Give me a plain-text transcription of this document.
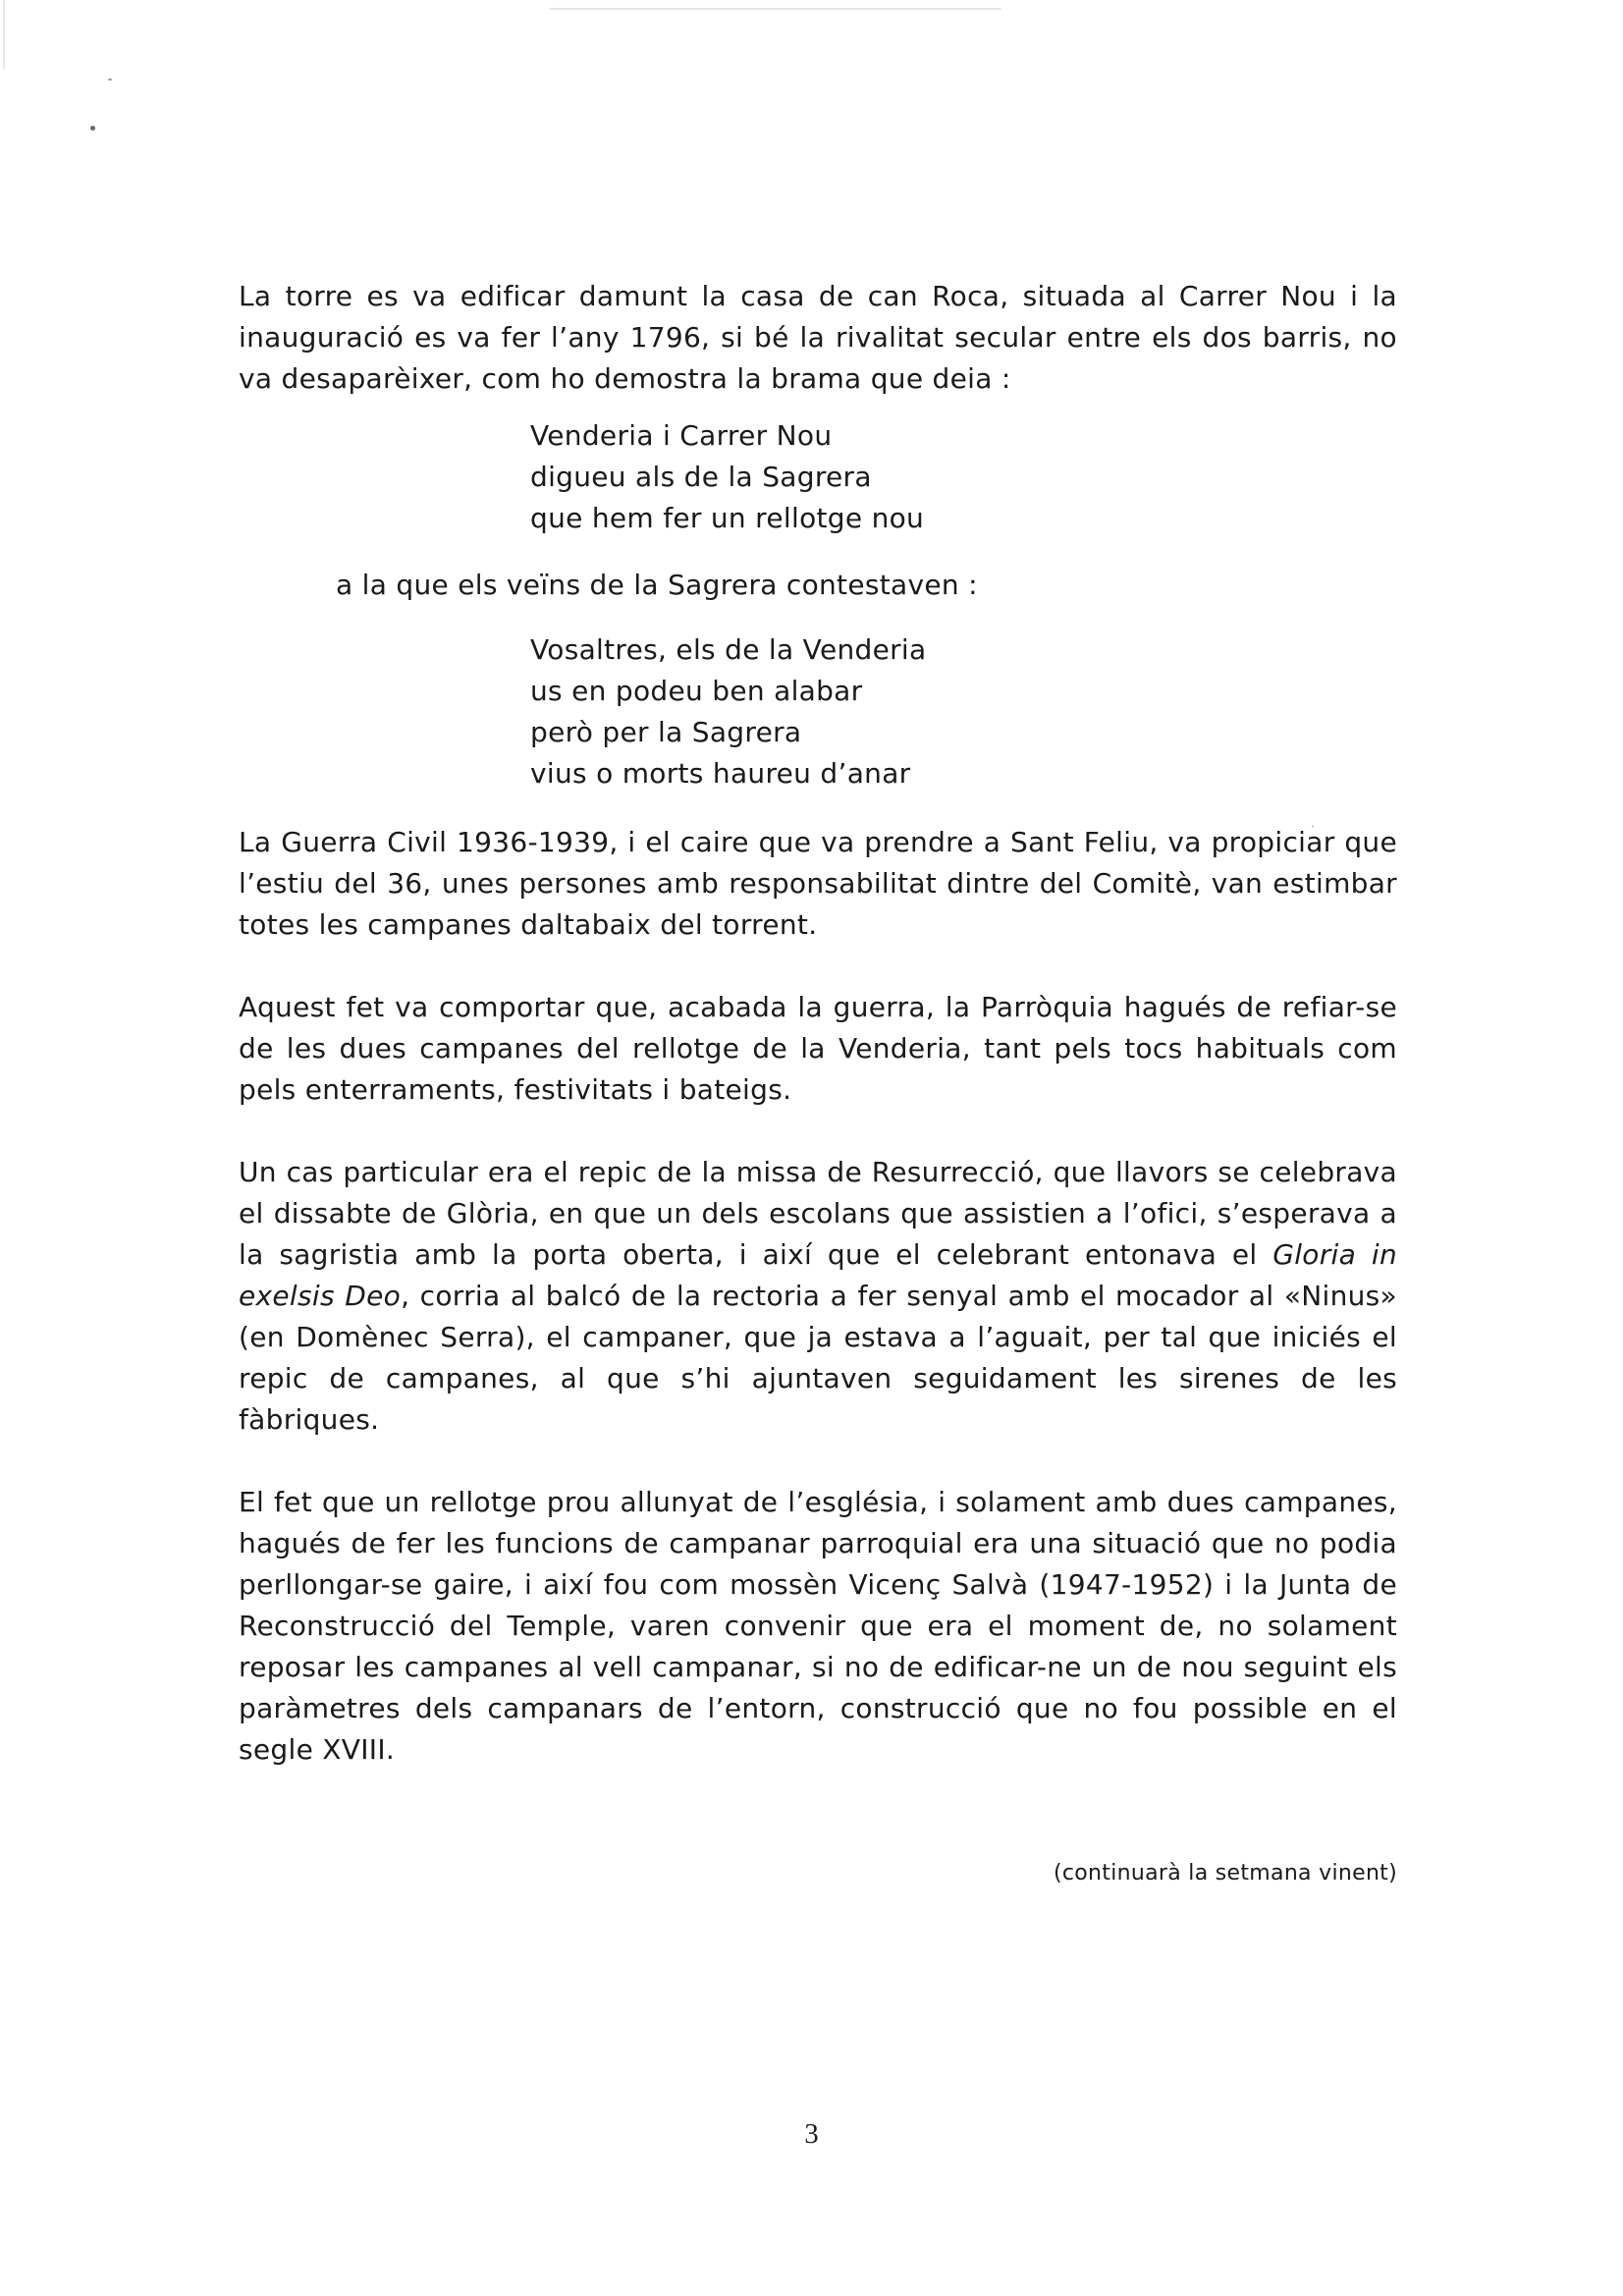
La torre es va edificar damunt la casa de can Roca, situada al Carrer Nou i la inauguració es va fer l’any 1796, si bé la rivalitat secular entre els dos barris, no va desaparèixer, com ho demostra la brama que deia :

Venderia i Carrer Nou
digueu als de la Sagrera
que hem fer un rellotge nou
a la que els veïns de la Sagrera contestaven :
Vosaltres, els de la Venderia
us en podeu ben alabar
però per la Sagrera
vius o morts haureu d’anar

La Guerra Civil 1936-1939, i el caire que va prendre a Sant Feliu, va propiciar que l’estiu del 36, unes persones amb responsabilitat dintre del Comitè, van estimbar totes les campanes daltabaix del torrent.

Aquest fet va comportar que, acabada la guerra, la Parròquia hagués de refiar-se de les dues campanes del rellotge de la Venderia, tant pels tocs habituals com pels enterraments, festivitats i bateigs.

Un cas particular era el repic de la missa de Resurrecció, que llavors se celebrava el dissabte de Glòria, en que un dels escolans que assistien a l’ofici, s’esperava a la sagristia amb la porta oberta, i així que el celebrant entonava el Gloria in exelsis Deo, corria al balcó de la rectoria a fer senyal amb el mocador al «Ninus» (en Domènec Serra), el campaner, que ja estava a l’aguait, per tal que iniciés el repic de campanes, al que s’hi ajuntaven seguidament les sirenes de les fàbriques.

El fet que un rellotge prou allunyat de l’església, i solament amb dues campanes, hagués de fer les funcions de campanar parroquial era una situació que no podia perllongar-se gaire, i així fou com mossèn Vicenç Salvà (1947-1952) i la Junta de Reconstrucció del Temple, varen convenir que era el moment de, no solament reposar les campanes al vell campanar, si no de edificar-ne un de nou seguint els paràmetres dels campanars de l’entorn, construcció que no fou possible en el segle XVIII.

(continuarà la setmana vinent)
3
